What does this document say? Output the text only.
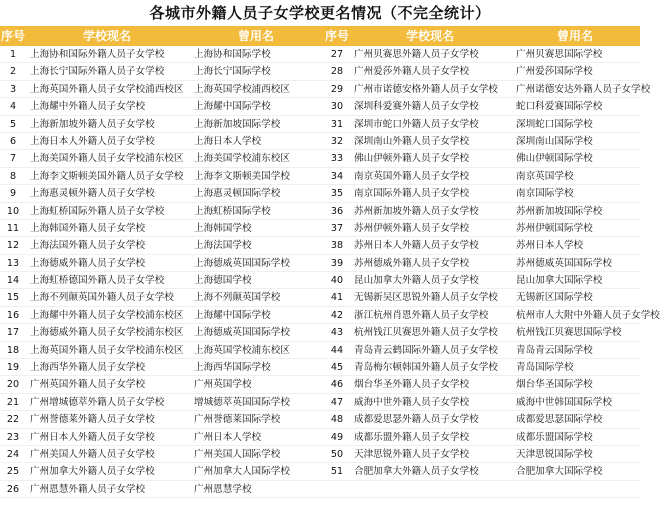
各城市外籍人员子女学校更名情况（不完全统计）
序号	学校现名	曾用名	序号	学校现名	曾用名
1	上海协和国际外籍人员子女学校	上海协和国际学校	27	广州贝赛思外籍人员子女学校	广州贝赛思国际学校
2	上海长宁国际外籍人员子女学校	上海长宁国际学校	28	广州爱莎外籍人员子女学校	广州爱莎国际学校
3	上海英国外籍人员子女学校浦西校区	上海英国学校浦西校区	29	广州市诺德安格外籍人员子女学校	广州诺德安达外籍人员子女学校
4	上海耀中外籍人员子女学校	上海耀中国际学校	30	深圳科爱赛外籍人员子女学校	蛇口科爱赛国际学校
5	上海新加坡外籍人员子女学校	上海新加坡国际学校	31	深圳市蛇口外籍人员子女学校	深圳蛇口国际学校
6	上海日本人外籍人员子女学校	上海日本人学校	32	深圳南山外籍人员子女学校	深圳南山国际学校
7	上海美国外籍人员子女学校浦东校区	上海美国学校浦东校区	33	佛山伊顿外籍人员子女学校	佛山伊顿国际学校
8	上海李文斯顿美国外籍人员子女学校	上海李文斯顿美国学校	34	南京英国外籍人员子女学校	南京英国学校
9	上海惠灵顿外籍人员子女学校	上海惠灵顿国际学校	35	南京国际外籍人员子女学校	南京国际学校
10	上海虹桥国际外籍人员子女学校	上海虹桥国际学校	36	苏州新加坡外籍人员子女学校	苏州新加坡国际学校
11	上海韩国外籍人员子女学校	上海韩国学校	37	苏州伊顿外籍人员子女学校	苏州伊顿国际学校
12	上海法国外籍人员子女学校	上海法国学校	38	苏州日本人外籍人员子女学校	苏州日本人学校
13	上海德威外籍人员子女学校	上海德威英国国际学校	39	苏州德威外籍人员子女学校	苏州德威英国国际学校
14	上海虹桥德国外籍人员子女学校	上海德国学校	40	昆山加拿大外籍人员子女学校	昆山加拿大国际学校
15	上海不列颠英国外籍人员子女学校	上海不列颠英国学校	41	无锡新吴区思锐外籍人员子女学校	无锡新区国际学校
16	上海耀中外籍人员子女学校浦东校区	上海耀中国际学校	42	浙江杭州肖恩外籍人员子女学校	杭州市人大附中外籍人员子女学校
17	上海德威外籍人员子女学校浦东校区	上海德威英国国际学校	43	杭州钱江贝赛思外籍人员子女学校	杭州钱江贝赛思国际学校
18	上海英国外籍人员子女学校浦东校区	上海英国学校浦东校区	44	青岛青云鹤国际外籍人员子女学校	青岛青云国际学校
19	上海西华外籍人员子女学校	上海西华国际学校	45	青岛梅尔顿韩国外籍人员子女学校	青岛国际学校
20	广州英国外籍人员子女学校	广州英国学校	46	烟台华圣外籍人员子女学校	烟台华圣国际学校
21	广州增城德萃外籍人员子女学校	增城德萃英国国际学校	47	威海中世外籍人员子女学校	威海中世韩国国际学校
22	广州誉德莱外籍人员子女学校	广州誉德莱国际学校	48	成都爱思瑟外籍人员子女学校	成都爱思瑟国际学校
23	广州日本人外籍人员子女学校	广州日本人学校	49	成都乐盟外籍人员子女学校	成都乐盟国际学校
24	广州美国人外籍人员子女学校	广州美国人国际学校	50	天津思锐外籍人员子女学校	天津思锐国际学校
25	广州加拿大外籍人员子女学校	广州加拿大人国际学校	51	合肥加拿大外籍人员子女学校	合肥加拿大国际学校
26	广州恩慧外籍人员子女学校	广州恩慧学校
